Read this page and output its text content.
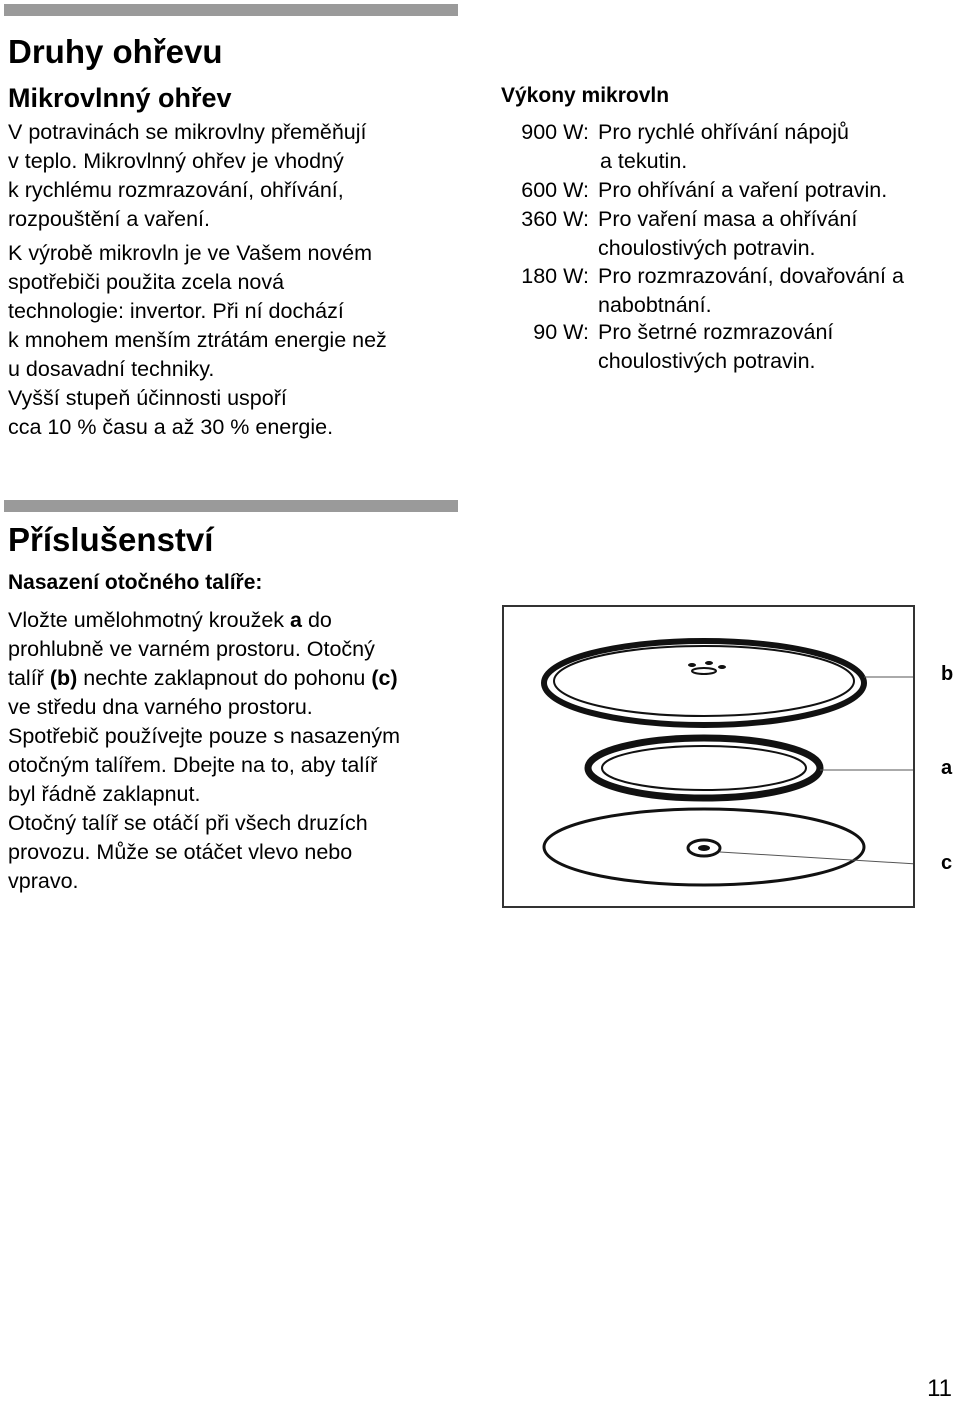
Druhy ohřevu
Mikrovlnný ohřev
V potravinách se mikrovlny přeměňují
v teplo. Mikrovlnný ohřev je vhodný
k rychlému rozmrazování, ohřívání,
rozpouštění a vaření.
K výrobě mikrovln je ve Vašem novém
spotřebiči použita zcela nová
technologie: invertor. Při ní dochází
k mnohem menším ztrátám energie než
u dosavadní techniky.
Vyšší stupeň účinnosti uspoří
cca 10 % času a až 30 % energie.
Výkony mikrovln
900 W: Pro rychlé ohřívání nápojů
a tekutin.
600 W: Pro ohřívání a vaření potravin.
360 W: Pro vaření masa a ohřívání
choulostivých potravin.
180 W: Pro rozmrazování, dovařování a
nabobtnání.
90 W: Pro šetrné rozmrazování
choulostivých potravin.
Příslušenství
Nasazení otočného talíře:
Vložte umělohmotný kroužek a do
prohlubně ve varném prostoru. Otočný
talíř (b) nechte zaklapnout do pohonu (c)
ve středu dna varného prostoru.
Spotřebič používejte pouze s nasazeným
otočným talířem. Dbejte na to, aby talíř
byl řádně zaklapnut.
Otočný talíř se otáčí při všech druzích
provozu. Může se otáčet vlevo nebo
vpravo.
b
a
c
11
